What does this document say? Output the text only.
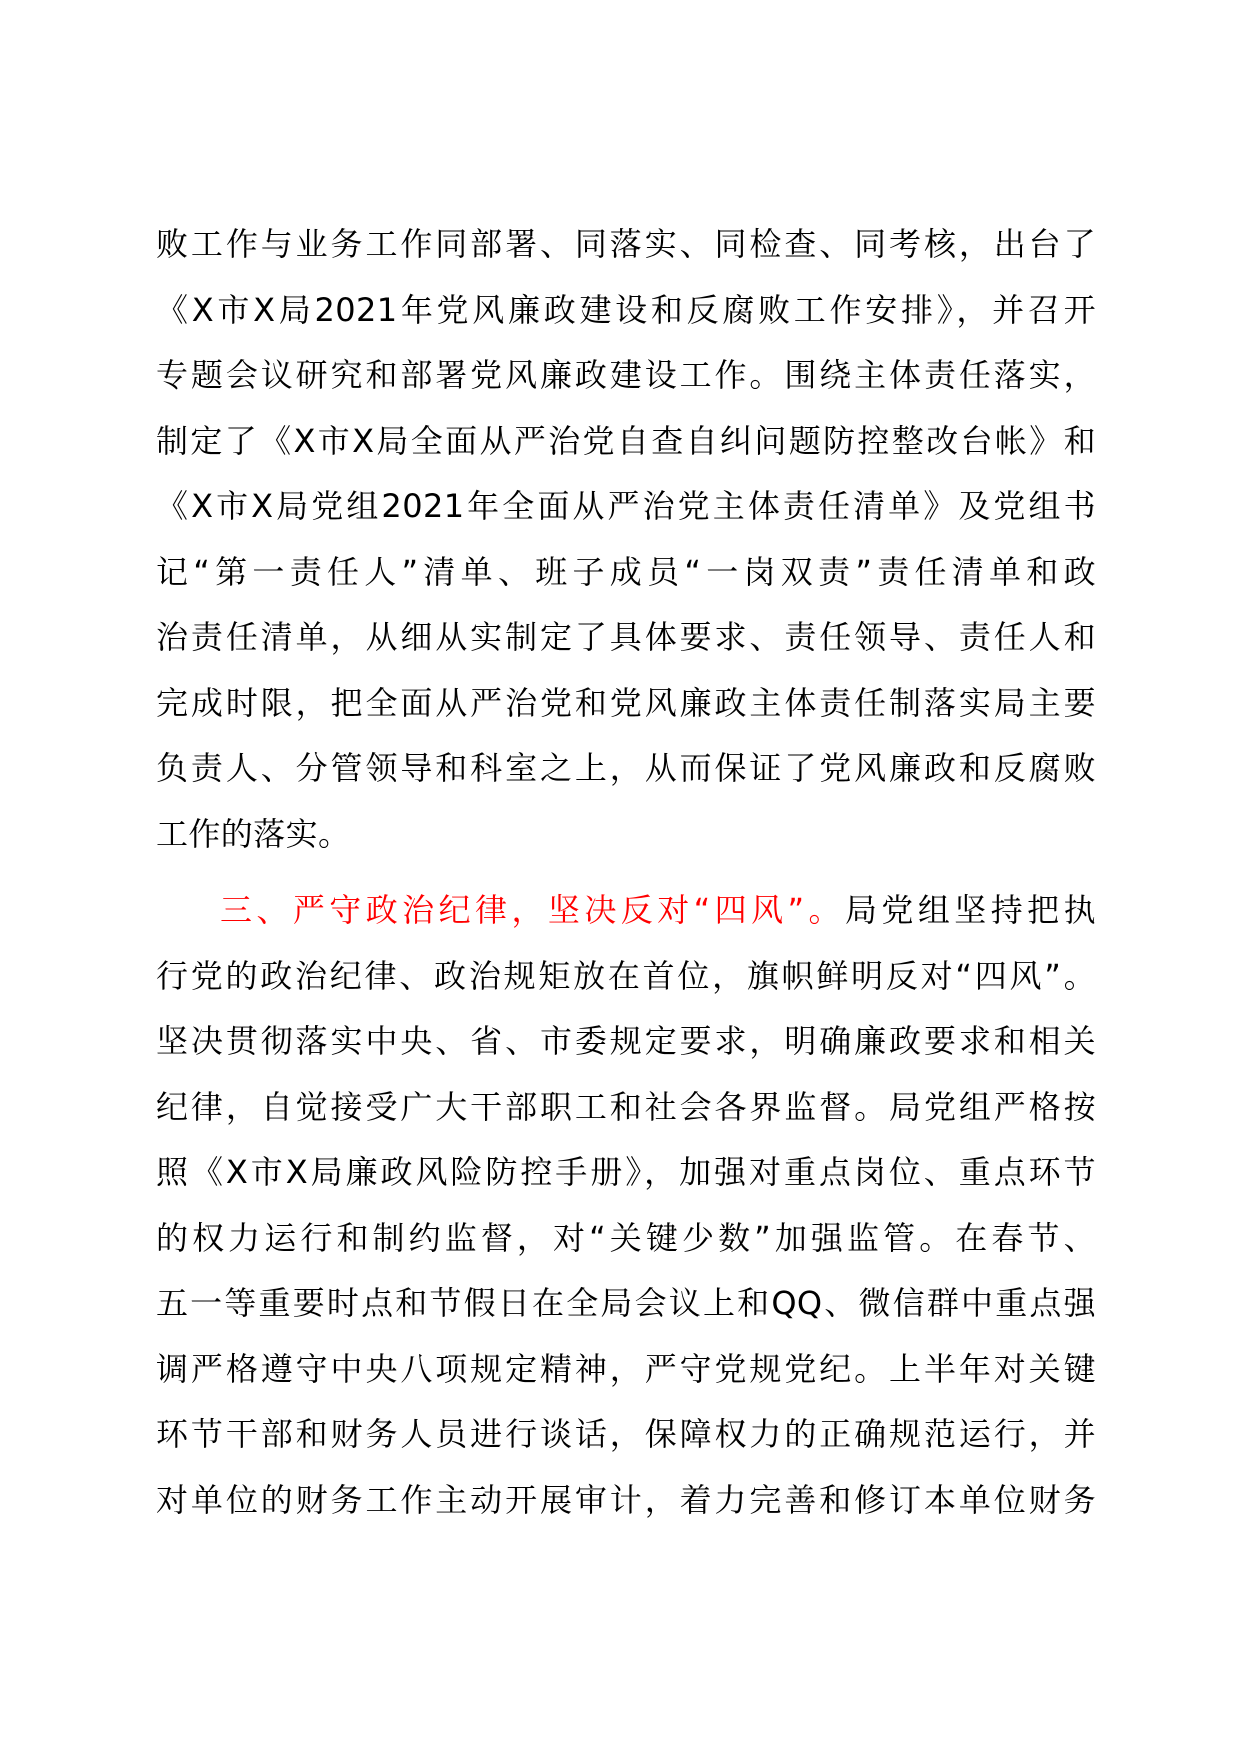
败工作与业务工作同部署、同落实、同检查、同考核，出台了
《X市X局2021年党风廉政建设和反腐败工作安排》，并召开
专题会议研究和部署党风廉政建设工作。围绕主体责任落实，
制定了《X市X局全面从严治党自查自纠问题防控整改台帐》和
《X市X局党组2021年全面从严治党主体责任清单》及党组书
记“第一责任人”清单、班子成员“一岗双责”责任清单和政
治责任清单，从细从实制定了具体要求、责任领导、责任人和
完成时限，把全面从严治党和党风廉政主体责任制落实局主要
负责人、分管领导和科室之上，从而保证了党风廉政和反腐败
工作的落实。
三、严守政治纪律，坚决反对“四风”。局党组坚持把执
行党的政治纪律、政治规矩放在首位，旗帜鲜明反对“四风”。
坚决贯彻落实中央、省、市委规定要求，明确廉政要求和相关
纪律，自觉接受广大干部职工和社会各界监督。局党组严格按
照《X市X局廉政风险防控手册》，加强对重点岗位、重点环节
的权力运行和制约监督，对“关键少数”加强监管。在春节、
五一等重要时点和节假日在全局会议上和QQ、微信群中重点强
调严格遵守中央八项规定精神，严守党规党纪。上半年对关键
环节干部和财务人员进行谈话，保障权力的正确规范运行，并
对单位的财务工作主动开展审计，着力完善和修订本单位财务
